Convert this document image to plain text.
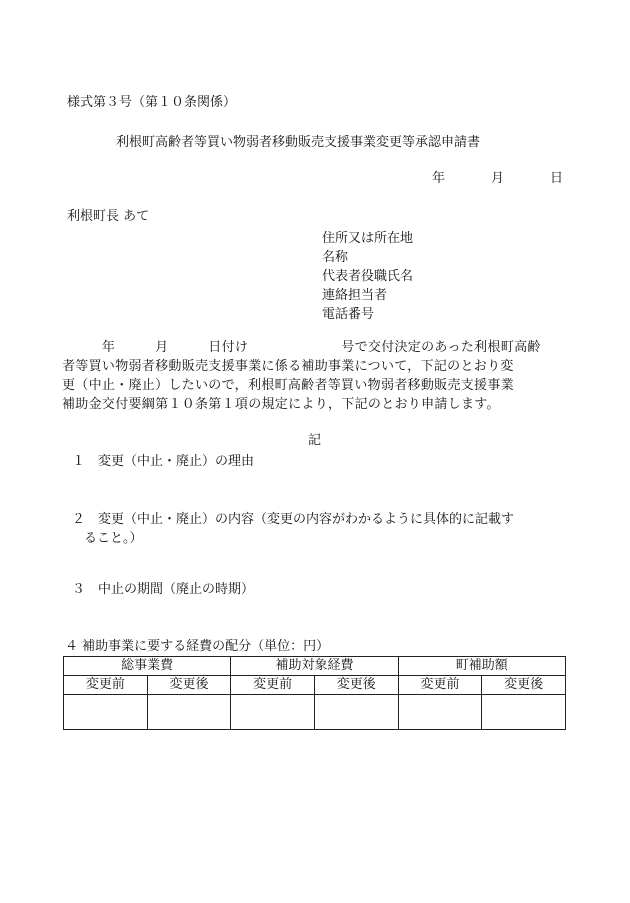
様式第３号（第１０条関係）
利根町高齢者等買い物弱者移動販売支援事業変更等承認申請書
年	月	日
利根町長 あて
住所又は所在地
名称
代表者役職氏名
連絡担当者
電話番号

　　　年　　　月　　　日付け　　　　　　　号で交付決定のあった利根町高齢

者等買い物弱者移動販売支援事業に係る補助事業について，下記のとおり変

更（中止・廃止）したいので，利根町高齢者等買い物弱者移動販売支援事業

補助金交付要綱第１０条第１項の規定により，下記のとおり申請します。

記
１　変更（中止・廃止）の理由
２　変更（中止・廃止）の内容（変更の内容がわかるように具体的に記載す
ること。）
３　中止の期間（廃止の時期）
４ 補助事業に要する経費の配分（単位：円）
総事業費		補助対象経費		町補助額	
変更前	変更後	変更前	変更後	変更前	変更後
